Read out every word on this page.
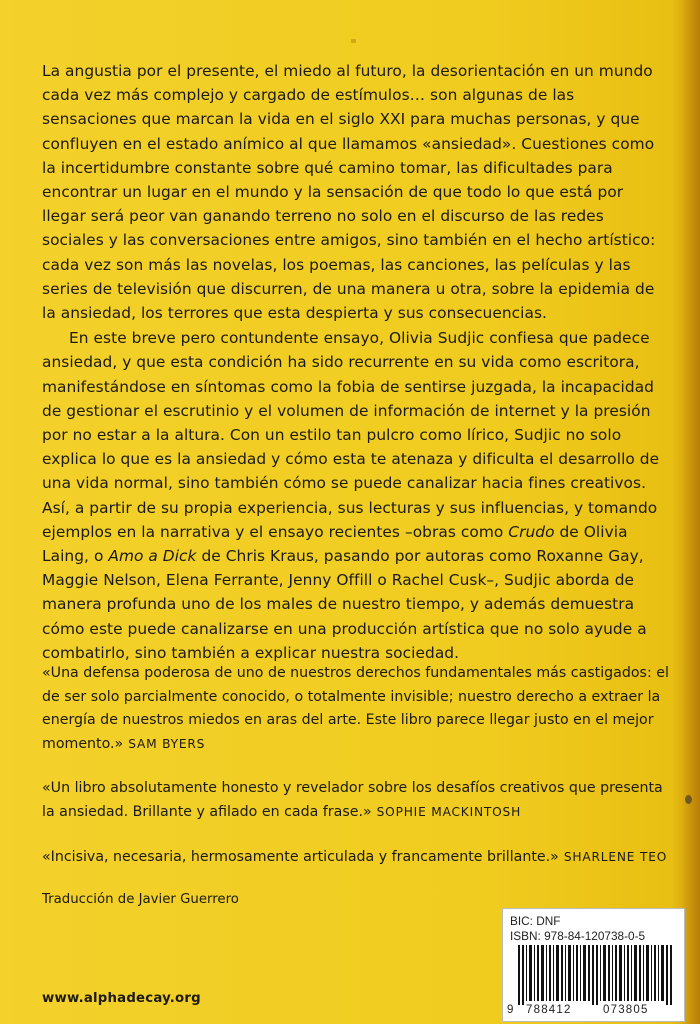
La angustia por el presente, el miedo al futuro, la desorientación en un mundo cada vez más complejo y cargado de estímulos… son algunas de las sensaciones que marcan la vida en el siglo XXI para muchas personas, y que confluyen en el estado anímico al que llamamos «ansiedad». Cuestiones como la incertidumbre constante sobre qué camino tomar, las dificultades para encontrar un lugar en el mundo y la sensación de que todo lo que está por llegar será peor van ganando terreno no solo en el discurso de las redes sociales y las conversaciones entre amigos, sino también en el hecho artístico: cada vez son más las novelas, los poemas, las canciones, las películas y las series de televisión que discurren, de una manera u otra, sobre la epidemia de la ansiedad, los terrores que esta despierta y sus consecuencias.

En este breve pero contundente ensayo, Olivia Sudjic confiesa que padece ansiedad, y que esta condición ha sido recurrente en su vida como escritora, manifestándose en síntomas como la fobia de sentirse juzgada, la incapacidad de gestionar el escrutinio y el volumen de información de internet y la presión por no estar a la altura. Con un estilo tan pulcro como lírico, Sudjic no solo explica lo que es la ansiedad y cómo esta te atenaza y dificulta el desarrollo de una vida normal, sino también cómo se puede canalizar hacia fines creativos. Así, a partir de su propia experiencia, sus lecturas y sus influencias, y tomando ejemplos en la narrativa y el ensayo recientes –obras como Crudo de Olivia Laing, o Amo a Dick de Chris Kraus, pasando por autoras como Roxanne Gay, Maggie Nelson, Elena Ferrante, Jenny Offill o Rachel Cusk–, Sudjic aborda de manera profunda uno de los males de nuestro tiempo, y además demuestra cómo este puede canalizarse en una producción artística que no solo ayude a combatirlo, sino también a explicar nuestra sociedad.

«Una defensa poderosa de uno de nuestros derechos fundamentales más castigados: el de ser solo parcialmente conocido, o totalmente invisible; nuestro derecho a extraer la energía de nuestros miedos en aras del arte. Este libro parece llegar justo en el mejor momento.» SAM BYERS

«Un libro absolutamente honesto y revelador sobre los desafíos creativos que presenta la ansiedad. Brillante y afilado en cada frase.» SOPHIE MACKINTOSH

«Incisiva, necesaria, hermosamente articulada y francamente brillante.» SHARLENE TEO

Traducción de Javier Guerrero
www.alphadecay.org
BIC: DNF
ISBN: 978-84-120738-0-5
9 788412	073805
